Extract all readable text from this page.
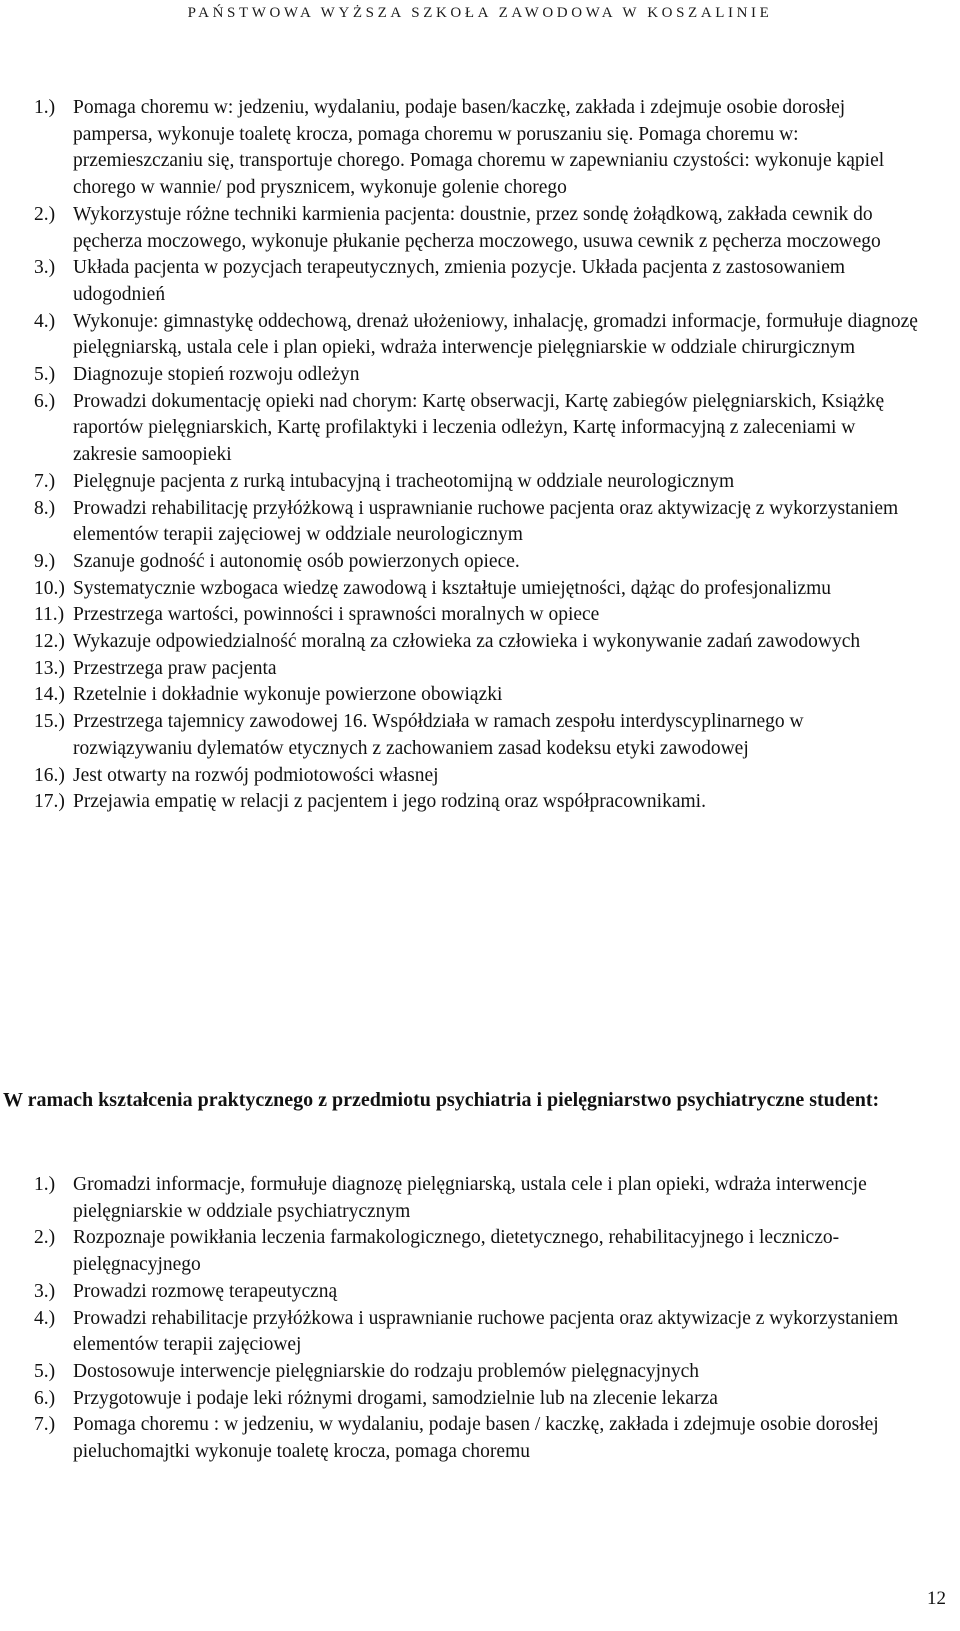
PAŃSTWOWA WYŻSZA SZKOŁA ZAWODOWA W KOSZALINIE
1.) Pomaga choremu w: jedzeniu, wydalaniu, podaje basen/kaczkę, zakłada i zdejmuje osobie dorosłej pampersa, wykonuje toaletę krocza, pomaga choremu w poruszaniu się. Pomaga choremu w: przemieszczaniu się, transportuje chorego. Pomaga choremu w zapewnianiu czystości: wykonuje kąpiel chorego w wannie/ pod prysznicem, wykonuje golenie chorego
2.) Wykorzystuje różne techniki karmienia pacjenta: doustnie, przez sondę żołądkową, zakłada cewnik do pęcherza moczowego, wykonuje płukanie pęcherza moczowego, usuwa cewnik z pęcherza moczowego
3.) Układa pacjenta w pozycjach terapeutycznych, zmienia pozycje. Układa pacjenta z zastosowaniem udogodnień
4.) Wykonuje: gimnastykę oddechową, drenaż ułożeniowy, inhalację, gromadzi informacje, formułuje diagnozę pielęgniarską, ustala cele i plan opieki, wdraża interwencje pielęgniarskie w oddziale chirurgicznym
5.) Diagnozuje stopień rozwoju odleżyn
6.) Prowadzi dokumentację opieki nad chorym: Kartę obserwacji, Kartę zabiegów pielęgniarskich, Książkę raportów pielęgniarskich, Kartę profilaktyki i leczenia odleżyn, Kartę informacyjną z zaleceniami w zakresie samoopieki
7.) Pielęgnuje pacjenta z rurką intubacyjną i tracheotomijną w oddziale neurologicznym
8.) Prowadzi rehabilitację przyłóżkową i usprawnianie ruchowe pacjenta oraz aktywizację z wykorzystaniem elementów terapii zajęciowej w oddziale neurologicznym
9.) Szanuje godność i autonomię osób powierzonych opiece.
10.) Systematycznie wzbogaca wiedzę zawodową i kształtuje umiejętności, dążąc do profesjonalizmu
11.) Przestrzega wartości, powinności i sprawności moralnych w opiece
12.) Wykazuje odpowiedzialność moralną za człowieka za człowieka i wykonywanie zadań zawodowych
13.) Przestrzega praw pacjenta
14.) Rzetelnie i dokładnie wykonuje powierzone obowiązki
15.) Przestrzega tajemnicy zawodowej 16. Współdziała w ramach zespołu interdyscyplinarnego w rozwiązywaniu dylematów etycznych z zachowaniem zasad kodeksu etyki zawodowej
16.) Jest otwarty na rozwój podmiotowości własnej
17.) Przejawia empatię w relacji z pacjentem i jego rodziną oraz współpracownikami.
W ramach kształcenia praktycznego z przedmiotu psychiatria i pielęgniarstwo psychiatryczne student:
1.) Gromadzi informacje, formułuje diagnozę pielęgniarską, ustala cele i plan opieki, wdraża interwencje pielęgniarskie w oddziale psychiatrycznym
2.) Rozpoznaje powikłania leczenia farmakologicznego, dietetycznego, rehabilitacyjnego i leczniczo-pielęgnacyjnego
3.) Prowadzi rozmowę terapeutyczną
4.) Prowadzi rehabilitacje przyłóżkowa i usprawnianie ruchowe pacjenta oraz aktywizacje z wykorzystaniem elementów terapii zajęciowej
5.) Dostosowuje interwencje pielęgniarskie do rodzaju problemów pielęgnacyjnych
6.) Przygotowuje i podaje leki różnymi drogami, samodzielnie lub na zlecenie lekarza
7.) Pomaga choremu : w jedzeniu, w wydalaniu, podaje basen / kaczkę, zakłada i zdejmuje osobie dorosłej pieluchomajtki wykonuje toaletę krocza, pomaga choremu
12
